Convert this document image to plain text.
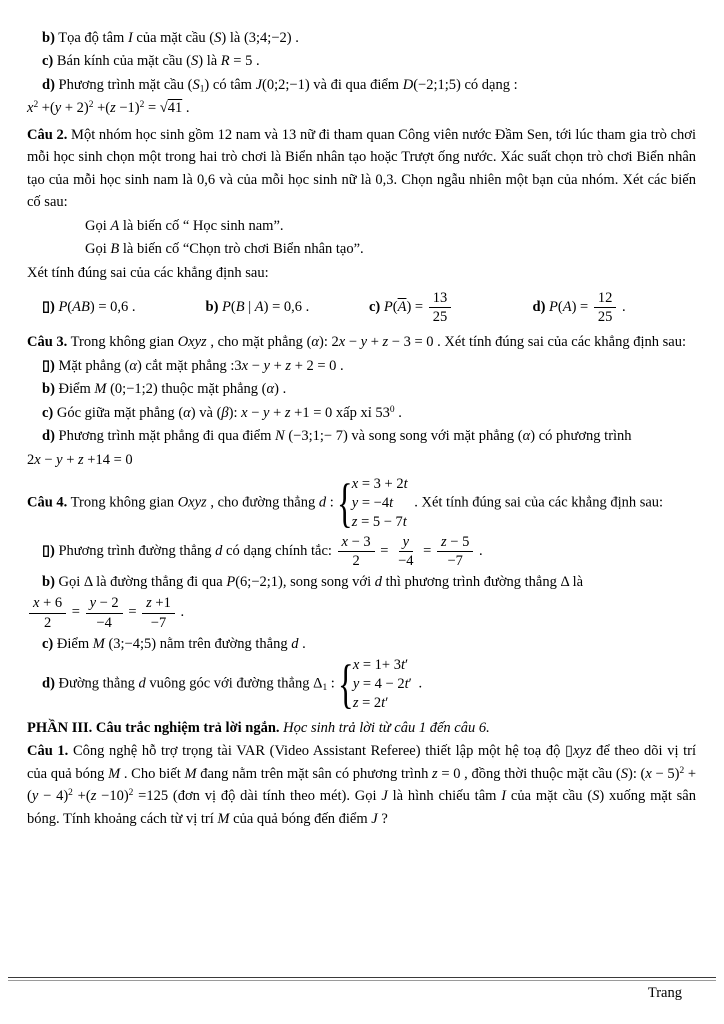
b) Tọa độ tâm I của mặt cầu (S) là (3;4;−2) .
c) Bán kính của mặt cầu (S) là R = 5 .
d) Phương trình mặt cầu $(S_1)$ có tâm J(0;2;−1) và đi qua điểm D(−2;1;5) có dạng :
$x^2 +(y + 2)^2 +(z -1)^2 = √41$ .
Câu 2. Một nhóm học sinh gồm 12 nam và 13 nữ đi tham quan Công viên nước Đầm Sen, tới lúc tham gia trò chơi mỗi học sinh chọn một trong hai trò chơi là Biển nhân tạo hoặc Trượt ống nước. Xác suất chọn trò chơi Biển nhân tạo của mỗi học sinh nam là 0,6 và của mỗi học sinh nữ là 0,3. Chọn ngẫu nhiên một bạn của nhóm. Xét các biến cố sau:
Gọi A là biến cố “ Học sinh nam”.
Gọi B là biến cố “Chọn trò chơi Biển nhân tạo”.
Xét tính đúng sai của các khẳng định sau:
▯) P(AB) = 0,6 .	b) P(B | A) = 0,6 .	c) $P(\overline{A}) = \frac{13}{25}$	d) $P(A) = \frac{12}{25}$ .
Câu 3. Trong không gian Oxyz , cho mặt phẳng (α): 2x − y + z − 3 = 0 . Xét tính đúng sai của các khẳng định sau:
▯) Mặt phẳng (α) cắt mặt phẳng :3x − y + z + 2 = 0 .
b) Điểm M (0;−1;2) thuộc mặt phẳng (α) .
c) Góc giữa mặt phẳng (α) và (β): x − y + z +1 = 0 xấp xỉ $53^0$ .
d) Phương trình mặt phẳng đi qua điểm N (−3;1;− 7) và song song với mặt phẳng (α) có phương trình
2x − y + z +14 = 0
Câu 4. Trong không gian Oxyz , cho đường thẳng d : { x = 3 + 2t
y = −4t
z = 5 − 7t
. Xét tính đúng sai của các khẳng định sau:
▯) Phương trình đường thẳng d có dạng chính tắc: $\frac{x - 3}{2} = \frac{y}{-4} = \frac{z - 5}{-7}$ .
b) Gọi Δ là đường thẳng đi qua P(6;−2;1), song song với d thì phương trình đường thẳng Δ là
$\frac{x + 6}{2} = \frac{y - 2}{-4} = \frac{z +1}{-7}$ .
c) Điểm M (3;−4;5) nằm trên đường thẳng d .
d) Đường thẳng d vuông góc với đường thẳng $\Delta_1$ : { x = 1+ 3t′
y = 4 − 2t′
z = 2t′
.
PHẦN III. Câu trắc nghiệm trả lời ngắn. Học sinh trả lời từ câu 1 đến câu 6.
Câu 1. Công nghệ hỗ trợ trọng tài VAR (Video Assistant Referee) thiết lập một hệ toạ độ ▯xyz để theo dõi vị trí của quả bóng M . Cho biết M đang nằm trên mặt sân có phương trình z = 0 , đồng thời thuộc mặt cầu (S): $(x - 5)^2 +(y - 4)^2 +(z -10)^2 =125$ (đơn vị độ dài tính theo mét). Gọi J là hình chiếu tâm I của mặt cầu (S) xuống mặt sân bóng. Tính khoảng cách từ vị trí M của quả bóng đến điểm J ?
Trang
